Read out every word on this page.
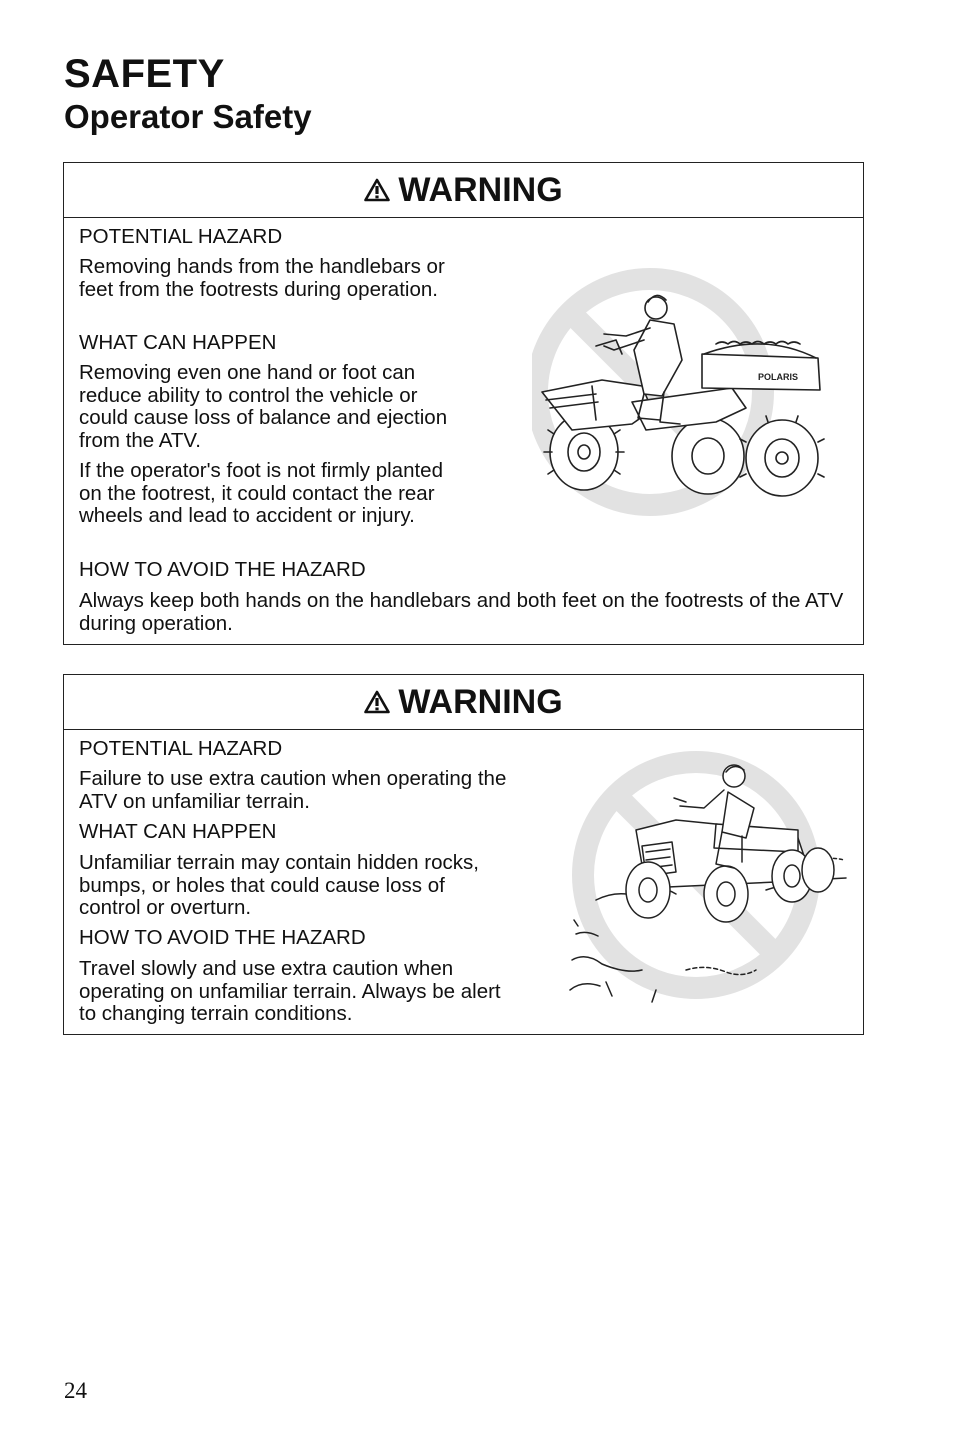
SAFETY
Operator Safety
WARNING

POTENTIAL HAZARD

Removing hands from the handlebars or feet from the footrests during operation.

WHAT CAN HAPPEN

Removing even one hand or foot can reduce ability to control the vehicle or could cause loss of balance and ejection from the ATV.

If the operator's foot is not firmly planted on the footrest, it could contact the rear wheels and lead to accident or injury.

HOW TO AVOID THE HAZARD

Always keep both hands on the handlebars and both feet on the footrests of the ATV during operation.

POLARIS
WARNING

POTENTIAL HAZARD

Failure to use extra caution when operating the ATV on unfamiliar terrain.

WHAT CAN HAPPEN

Unfamiliar terrain may contain hidden rocks, bumps, or holes that could cause loss of control or overturn.

HOW TO AVOID THE HAZARD

Travel slowly and use extra caution when operating on unfamiliar terrain. Always be alert to changing terrain conditions.

24
